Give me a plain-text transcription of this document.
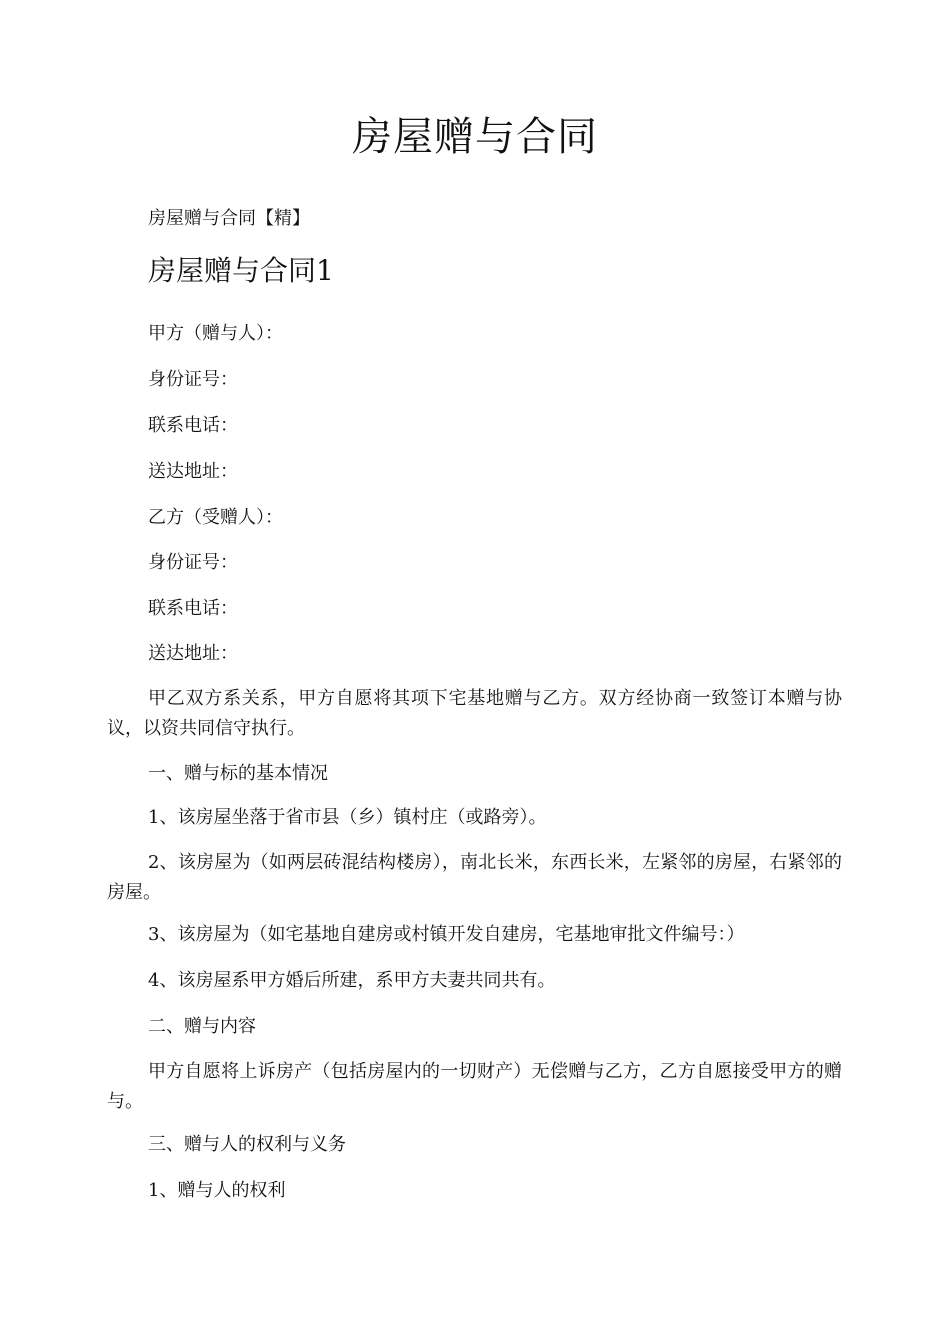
房屋赠与合同

房屋赠与合同【精】

房屋赠与合同1

甲方（赠与人）：

身份证号：

联系电话：

送达地址：

乙方（受赠人）：

身份证号：

联系电话：

送达地址：

甲乙双方系关系，甲方自愿将其项下宅基地赠与乙方。双方经协商一致签订本赠与协议，以资共同信守执行。

一、赠与标的基本情况

1、该房屋坐落于省市县（乡）镇村庄（或路旁）。

2、该房屋为（如两层砖混结构楼房），南北长米，东西长米，左紧邻的房屋，右紧邻的房屋。

3、该房屋为（如宅基地自建房或村镇开发自建房，宅基地审批文件编号：）

4、该房屋系甲方婚后所建，系甲方夫妻共同共有。

二、赠与内容

甲方自愿将上诉房产（包括房屋内的一切财产）无偿赠与乙方，乙方自愿接受甲方的赠与。

三、赠与人的权利与义务

1、赠与人的权利
